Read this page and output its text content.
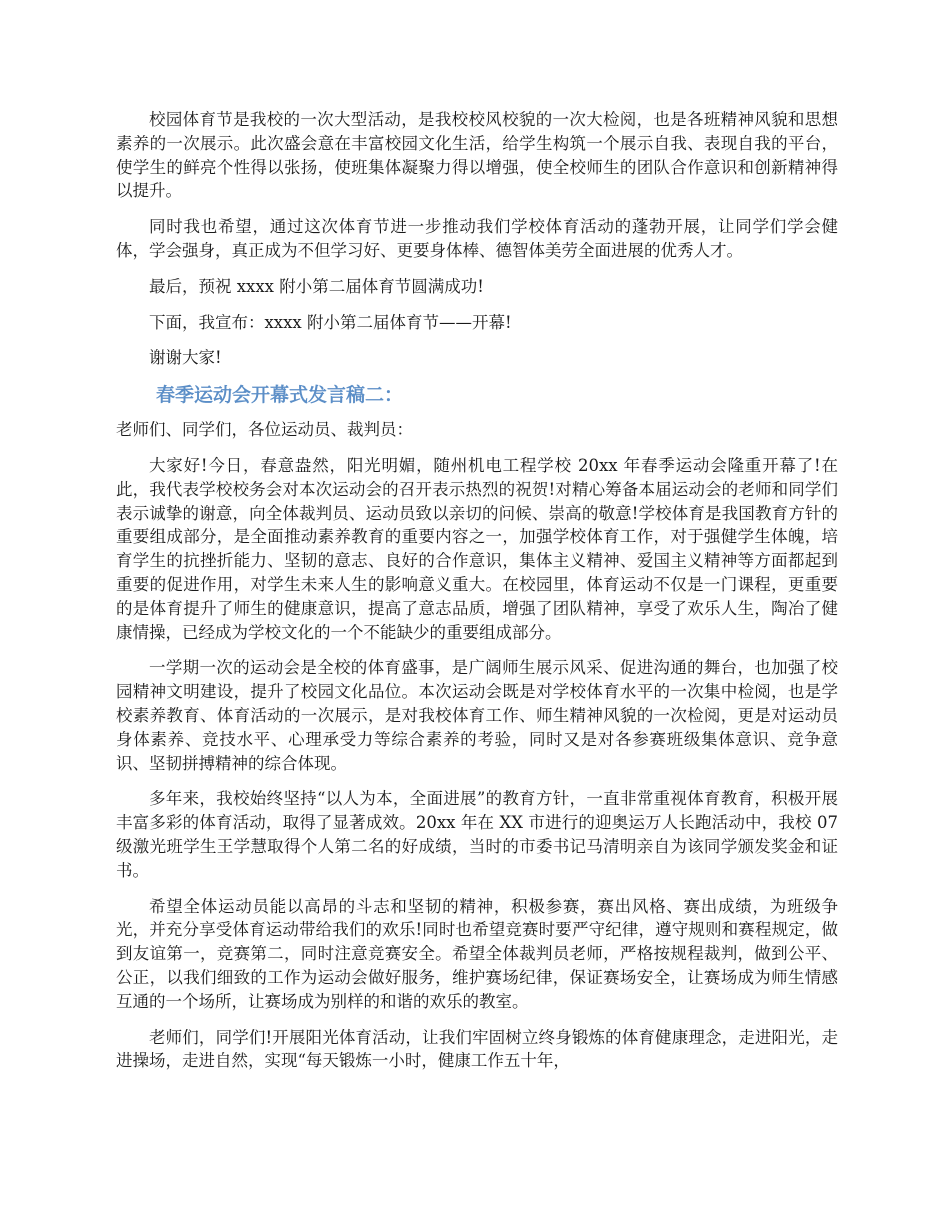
校园体育节是我校的一次大型活动，是我校校风校貌的一次大检阅，也是各班精神风貌和思想素养的一次展示。此次盛会意在丰富校园文化生活，给学生构筑一个展示自我、表现自我的平台，使学生的鲜亮个性得以张扬，使班集体凝聚力得以增强，使全校师生的团队合作意识和创新精神得以提升。

同时我也希望，通过这次体育节进一步推动我们学校体育活动的蓬勃开展，让同学们学会健体，学会强身，真正成为不但学习好、更要身体棒、德智体美劳全面进展的优秀人才。

最后，预祝 xxxx 附小第二届体育节圆满成功!

下面，我宣布：xxxx 附小第二届体育节——开幕!

谢谢大家!

春季运动会开幕式发言稿二：

老师们、同学们，各位运动员、裁判员：

大家好!今日，春意盎然，阳光明媚，随州机电工程学校 20xx 年春季运动会隆重开幕了!在此，我代表学校校务会对本次运动会的召开表示热烈的祝贺!对精心筹备本届运动会的老师和同学们表示诚挚的谢意，向全体裁判员、运动员致以亲切的问候、崇高的敬意!学校体育是我国教育方针的重要组成部分，是全面推动素养教育的重要内容之一，加强学校体育工作，对于强健学生体魄，培育学生的抗挫折能力、坚韧的意志、良好的合作意识，集体主义精神、爱国主义精神等方面都起到重要的促进作用，对学生未来人生的影响意义重大。在校园里，体育运动不仅是一门课程，更重要的是体育提升了师生的健康意识，提高了意志品质，增强了团队精神，享受了欢乐人生，陶冶了健康情操，已经成为学校文化的一个不能缺少的重要组成部分。

一学期一次的运动会是全校的体育盛事，是广阔师生展示风采、促进沟通的舞台，也加强了校园精神文明建设，提升了校园文化品位。本次运动会既是对学校体育水平的一次集中检阅，也是学校素养教育、体育活动的一次展示，是对我校体育工作、师生精神风貌的一次检阅，更是对运动员身体素养、竞技水平、心理承受力等综合素养的考验，同时又是对各参赛班级集体意识、竞争意识、坚韧拼搏精神的综合体现。

多年来，我校始终坚持“以人为本，全面进展”的教育方针，一直非常重视体育教育，积极开展丰富多彩的体育活动，取得了显著成效。20xx 年在 XX 市进行的迎奥运万人长跑活动中，我校 07 级激光班学生王学慧取得个人第二名的好成绩，当时的市委书记马清明亲自为该同学颁发奖金和证书。

希望全体运动员能以高昂的斗志和坚韧的精神，积极参赛，赛出风格、赛出成绩，为班级争光，并充分享受体育运动带给我们的欢乐!同时也希望竞赛时要严守纪律，遵守规则和赛程规定，做到友谊第一，竞赛第二，同时注意竞赛安全。希望全体裁判员老师，严格按规程裁判，做到公平、公正，以我们细致的工作为运动会做好服务，维护赛场纪律，保证赛场安全，让赛场成为师生情感互通的一个场所，让赛场成为别样的和谐的欢乐的教室。

老师们，同学们!开展阳光体育活动，让我们牢固树立终身锻炼的体育健康理念，走进阳光，走进操场，走进自然，实现“每天锻炼一小时，健康工作五十年，
